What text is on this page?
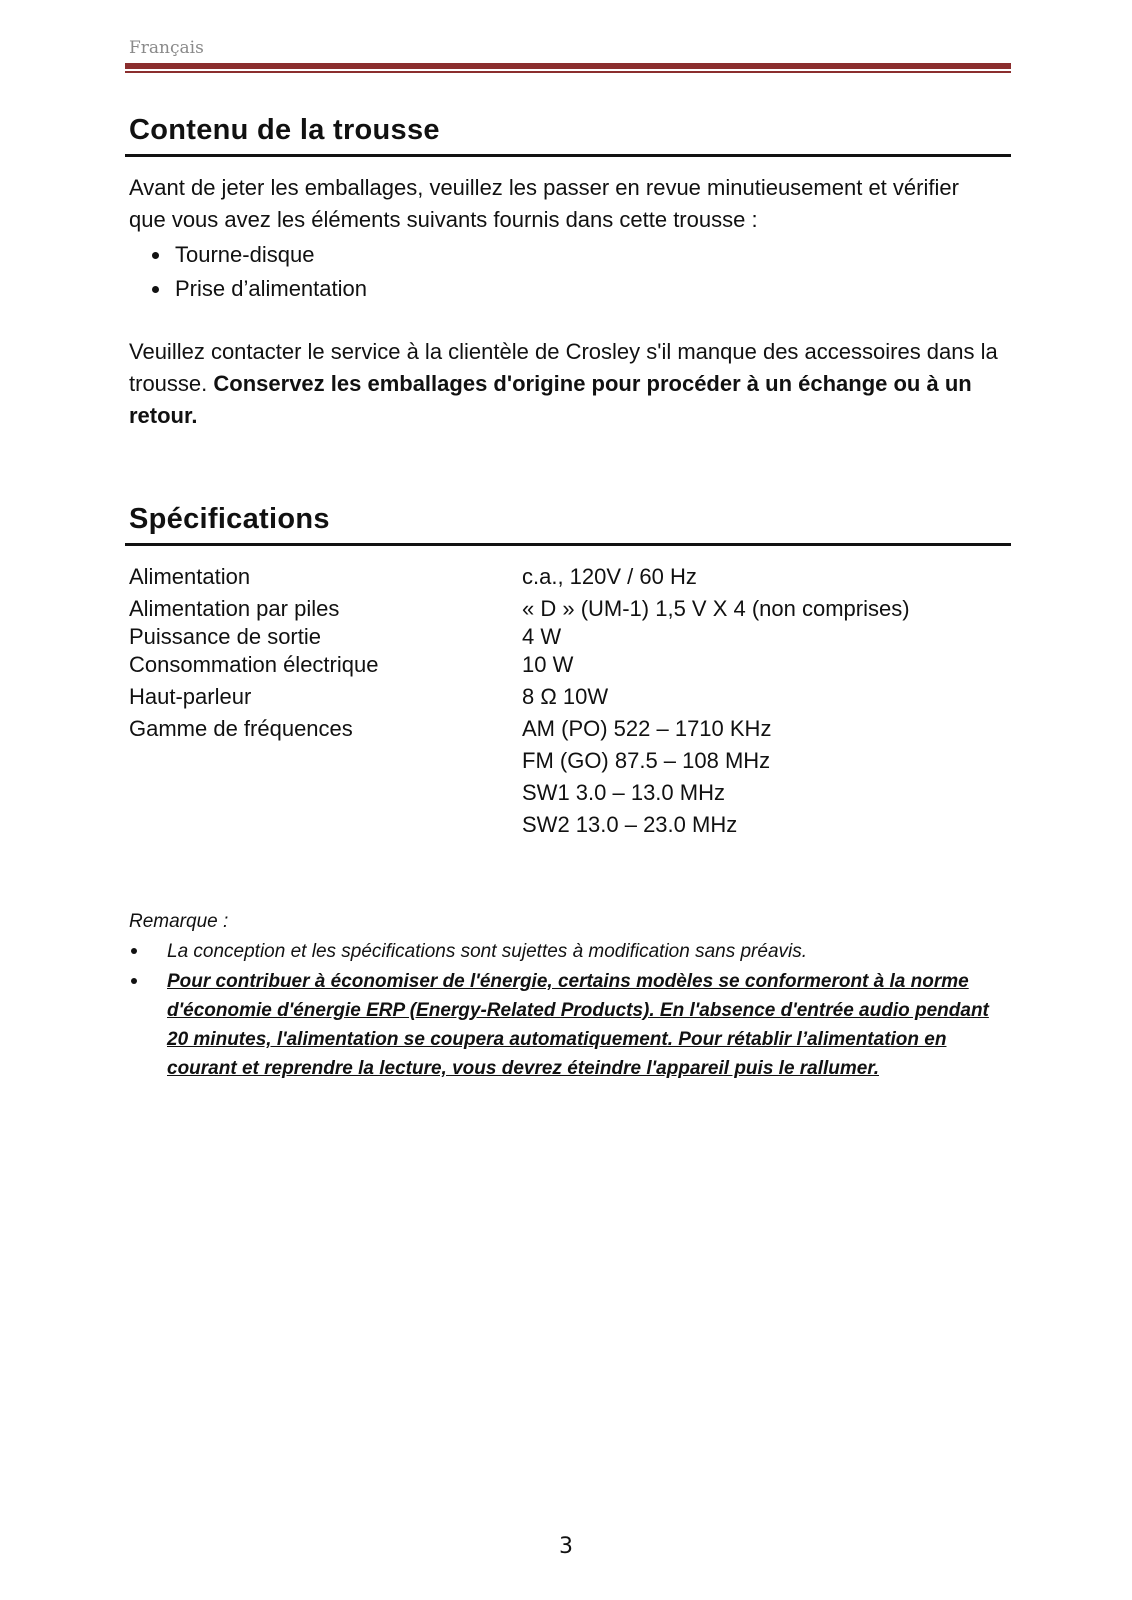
Français
Contenu de la trousse

Avant de jeter les emballages, veuillez les passer en revue minutieusement et vérifier que vous avez les éléments suivants fournis dans cette trousse :

Tourne-disque
Prise d’alimentation

Veuillez contacter le service à la clientèle de Crosley s'il manque des accessoires dans la trousse. Conservez les emballages d'origine pour procéder à un échange ou à un retour.

Spécifications
Alimentation	c.a., 120V / 60 Hz
Alimentation par piles	« D » (UM-1) 1,5 V X 4 (non comprises)
Puissance de sortie	4 W
Consommation électrique	10 W
Haut-parleur	8 Ω 10W
Gamme de fréquences	AM (PO) 522 – 1710 KHz
FM (GO) 87.5 – 108 MHz
SW1 3.0 – 13.0 MHz
SW2 13.0 – 23.0 MHz
Remarque :
La conception et les spécifications sont sujettes à modification sans préavis.
Pour contribuer à économiser de l'énergie, certains modèles se conformeront à la norme d'économie d'énergie ERP (Energy-Related Products). En l'absence d'entrée audio pendant 20 minutes, l'alimentation se coupera automatiquement. Pour rétablir l’alimentation en courant et reprendre la lecture, vous devrez éteindre l'appareil puis le rallumer.
3
